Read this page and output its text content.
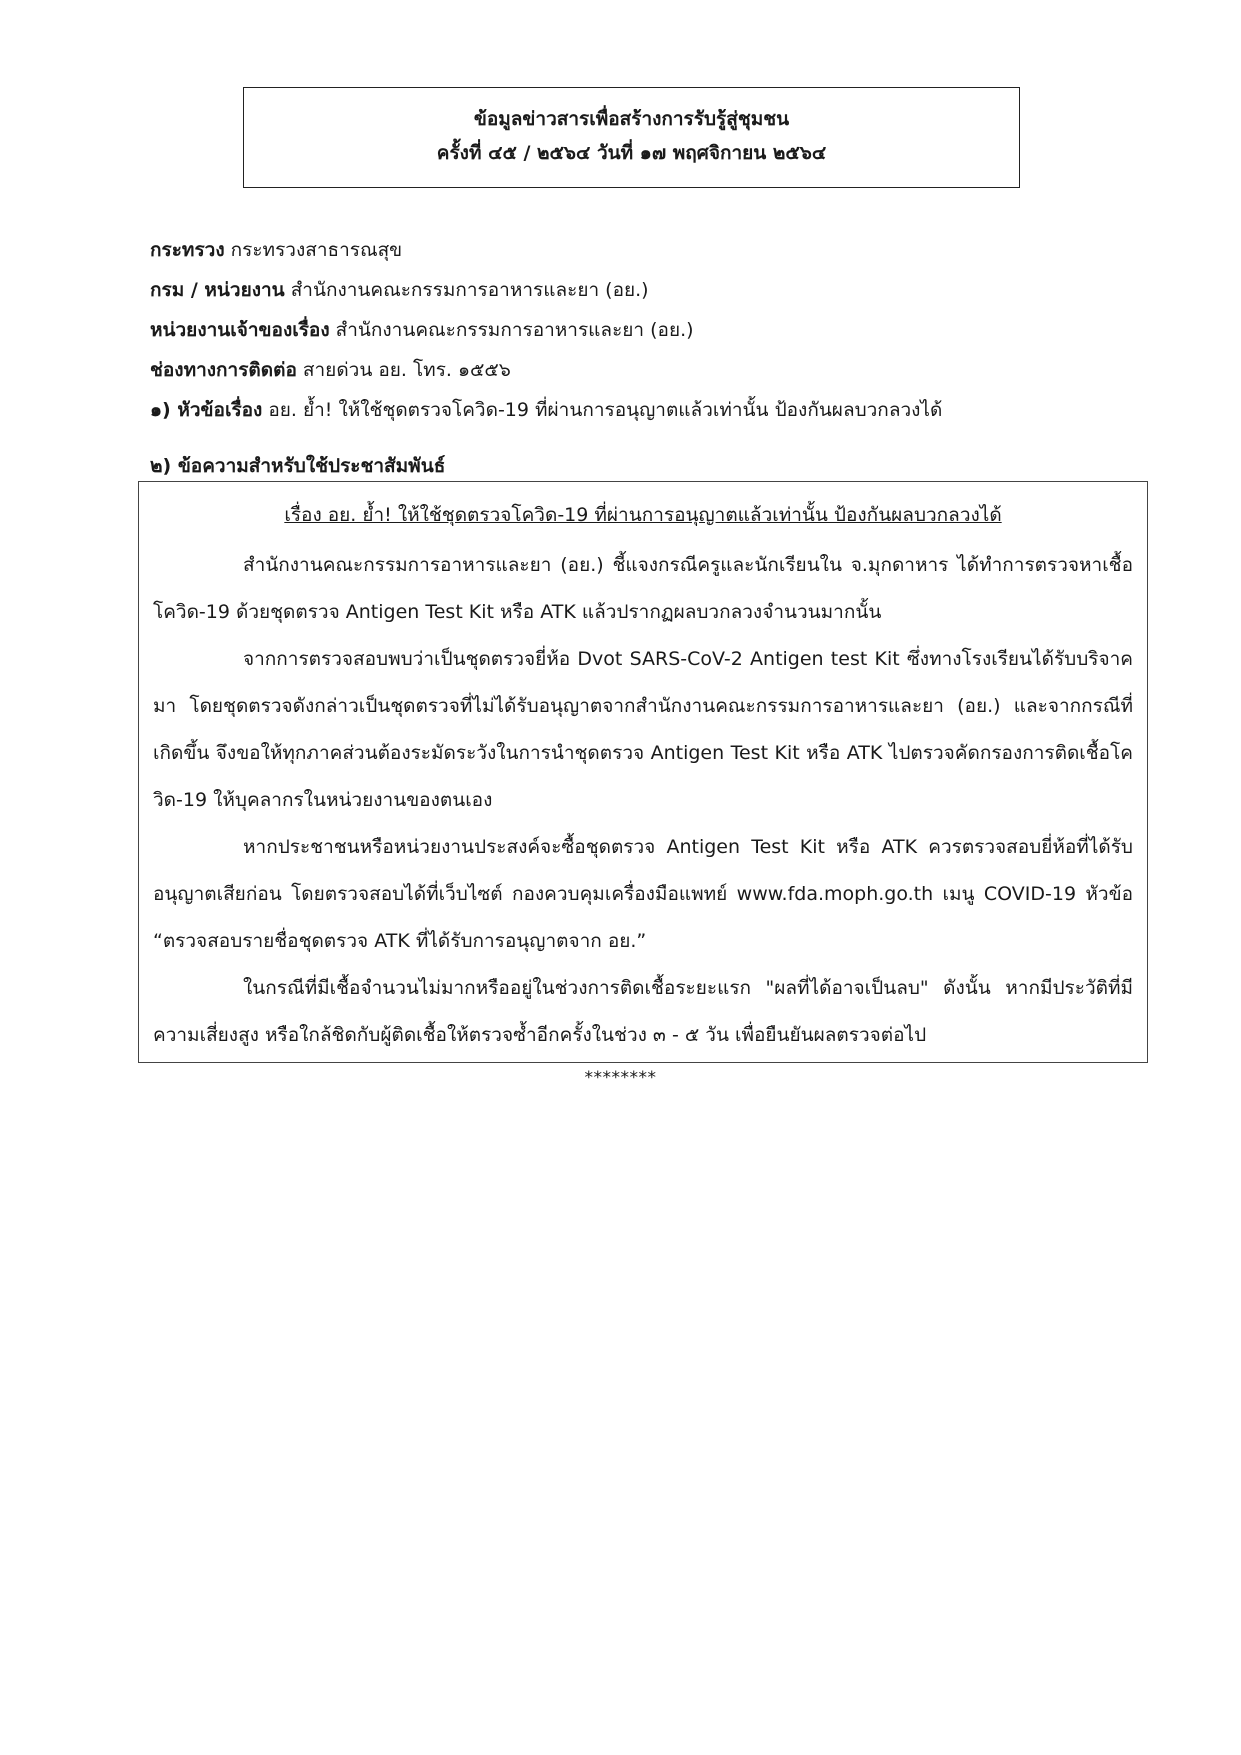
ข้อมูลข่าวสารเพื่อสร้างการรับรู้สู่ชุมชน
ครั้งที่ ๔๕ / ๒๕๖๔ วันที่ ๑๗ พฤศจิกายน ๒๕๖๔
กระทรวง กระทรวงสาธารณสุข
กรม / หน่วยงาน สำนักงานคณะกรรมการอาหารและยา (อย.)
หน่วยงานเจ้าของเรื่อง สำนักงานคณะกรรมการอาหารและยา (อย.)
ช่องทางการติดต่อ สายด่วน อย. โทร. ๑๕๕๖
๑) หัวข้อเรื่อง อย. ย้ำ! ให้ใช้ชุดตรวจโควิด-19 ที่ผ่านการอนุญาตแล้วเท่านั้น ป้องกันผลบวกลวงได้
๒) ข้อความสำหรับใช้ประชาสัมพันธ์
เรื่อง อย. ย้ำ! ให้ใช้ชุดตรวจโควิด-19 ที่ผ่านการอนุญาตแล้วเท่านั้น ป้องกันผลบวกลวงได้

สำนักงานคณะกรรมการอาหารและยา (อย.) ชี้แจงกรณีครูและนักเรียนใน จ.มุกดาหาร ได้ทำการตรวจหาเชื้อโควิด-19 ด้วยชุดตรวจ Antigen Test Kit หรือ ATK แล้วปรากฏผลบวกลวงจำนวนมากนั้น

จากการตรวจสอบพบว่าเป็นชุดตรวจยี่ห้อ Dvot SARS-CoV-2 Antigen test Kit ซึ่งทางโรงเรียนได้รับบริจาคมา โดยชุดตรวจดังกล่าวเป็นชุดตรวจที่ไม่ได้รับอนุญาตจากสำนักงานคณะกรรมการอาหารและยา (อย.) และจากกรณีที่เกิดขึ้น จึงขอให้ทุกภาคส่วนต้องระมัดระวังในการนำชุดตรวจ Antigen Test Kit หรือ ATK ไปตรวจคัดกรองการติดเชื้อโควิด-19 ให้บุคลากรในหน่วยงานของตนเอง

หากประชาชนหรือหน่วยงานประสงค์จะซื้อชุดตรวจ Antigen Test Kit หรือ ATK ควรตรวจสอบยี่ห้อที่ได้รับอนุญาตเสียก่อน โดยตรวจสอบได้ที่เว็บไซต์ กองควบคุมเครื่องมือแพทย์ www.fda.moph.go.th เมนู COVID-19 หัวข้อ “ตรวจสอบรายชื่อชุดตรวจ ATK ที่ได้รับการอนุญาตจาก อย.”

ในกรณีที่มีเชื้อจำนวนไม่มากหรืออยู่ในช่วงการติดเชื้อระยะแรก "ผลที่ได้อาจเป็นลบ" ดังนั้น หากมีประวัติที่มีความเสี่ยงสูง หรือใกล้ชิดกับผู้ติดเชื้อให้ตรวจซ้ำอีกครั้งในช่วง ๓ - ๕ วัน เพื่อยืนยันผลตรวจต่อไป

********
